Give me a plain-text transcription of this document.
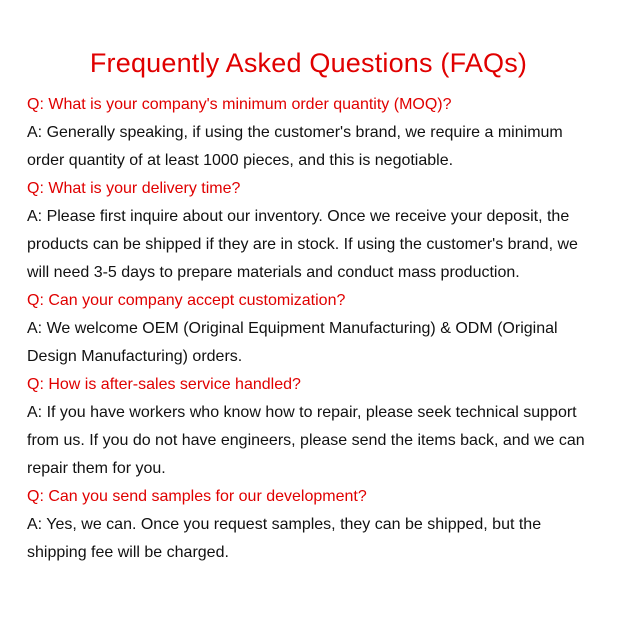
Frequently Asked Questions (FAQs)

Q: What is your company's minimum order quantity (MOQ)?

A: Generally speaking, if using the customer's brand, we require a minimum order quantity of at least 1000 pieces, and this is negotiable.

Q: What is your delivery time?

A: Please first inquire about our inventory. Once we receive your deposit, the products can be shipped if they are in stock. If using the customer's brand, we will need 3-5 days to prepare materials and conduct mass production.

Q: Can your company accept customization?

A: We welcome OEM (Original Equipment Manufacturing) & ODM (Original Design Manufacturing) orders.

Q: How is after-sales service handled?

A: If you have workers who know how to repair, please seek technical support from us. If you do not have engineers, please send the items back, and we can repair them for you.

Q: Can you send samples for our development?

A: Yes, we can. Once you request samples, they can be shipped, but the shipping fee will be charged.
